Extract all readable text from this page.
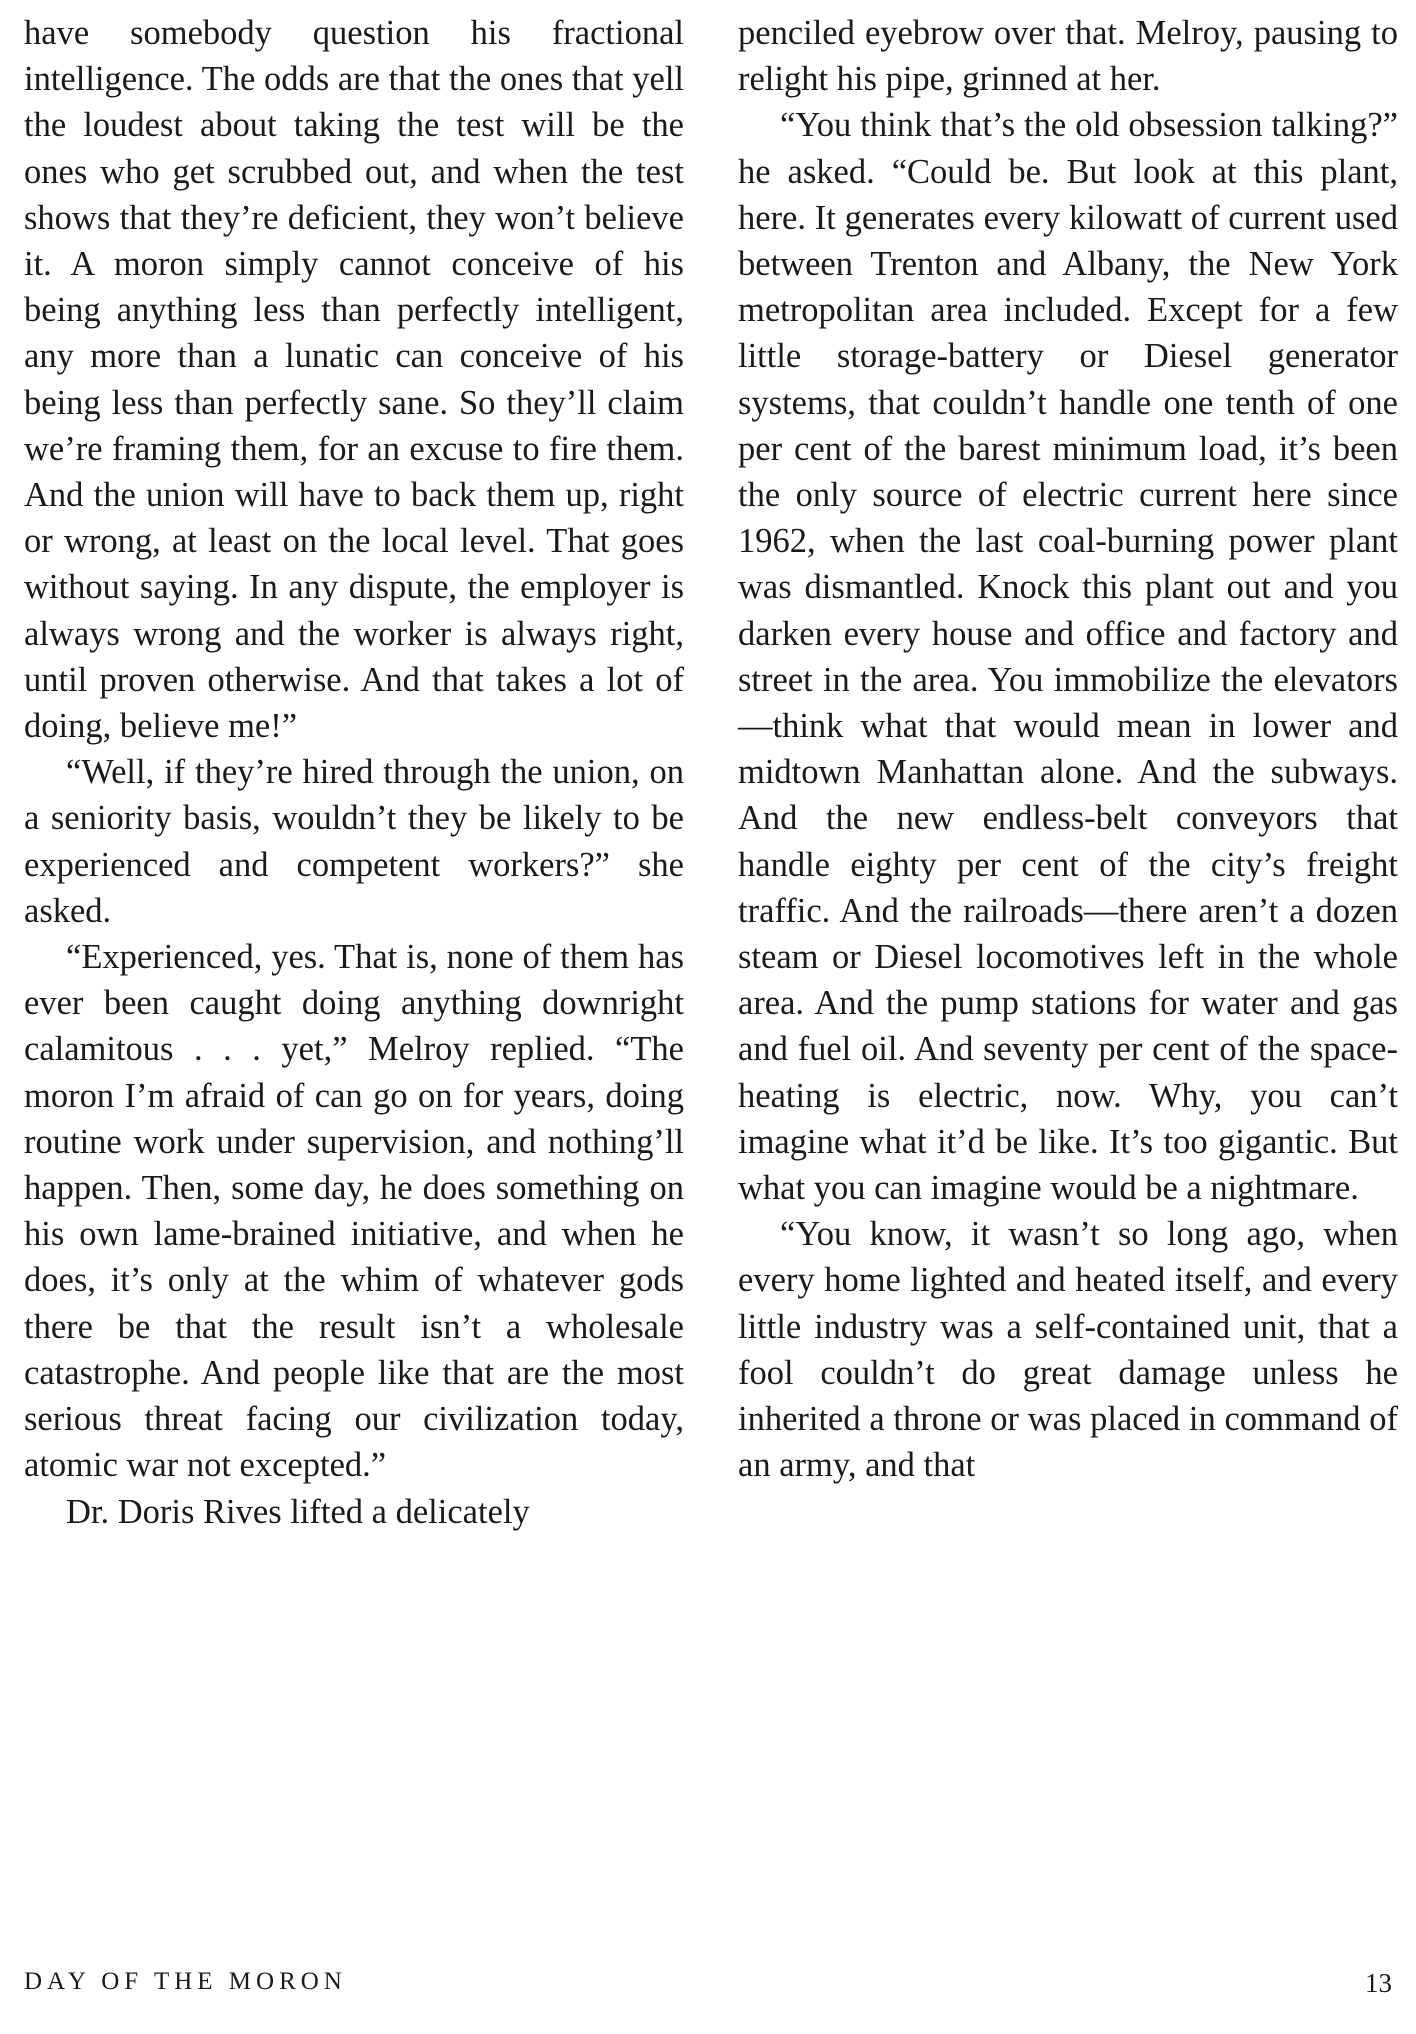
have somebody question his fractional intelligence. The odds are that the ones that yell the loudest about taking the test will be the ones who get scrubbed out, and when the test shows that they’re deficient, they won’t believe it. A moron simply cannot conceive of his being anything less than perfectly intelligent, any more than a lunatic can conceive of his being less than perfectly sane. So they’ll claim we’re framing them, for an excuse to fire them. And the union will have to back them up, right or wrong, at least on the local level. That goes without saying. In any dispute, the employer is always wrong and the worker is always right, until proven otherwise. And that takes a lot of doing, believe me!”

“Well, if they’re hired through the union, on a seniority basis, wouldn’t they be likely to be experienced and competent workers?” she asked.

“Experienced, yes. That is, none of them has ever been caught doing anything downright calamitous . . . yet,” Melroy replied. “The moron I’m afraid of can go on for years, doing routine work under supervision, and nothing’ll happen. Then, some day, he does something on his own lame-brained initiative, and when he does, it’s only at the whim of whatever gods there be that the result isn’t a wholesale catastrophe. And people like that are the most serious threat facing our civilization today, atomic war not excepted.”

Dr. Doris Rives lifted a delicately

penciled eyebrow over that. Melroy, pausing to relight his pipe, grinned at her.

“You think that’s the old obsession talking?” he asked. “Could be. But look at this plant, here. It generates every kilowatt of current used between Trenton and Albany, the New York metropolitan area included. Except for a few little storage-battery or Diesel generator systems, that couldn’t handle one tenth of one per cent of the barest minimum load, it’s been the only source of electric current here since 1962, when the last coal-burning power plant was dismantled. Knock this plant out and you darken every house and office and factory and street in the area. You immobilize the elevators—think what that would mean in lower and midtown Manhattan alone. And the subways. And the new endless-belt conveyors that handle eighty per cent of the city’s freight traffic. And the railroads—there aren’t a dozen steam or Diesel locomotives left in the whole area. And the pump stations for water and gas and fuel oil. And seventy per cent of the space-heating is electric, now. Why, you can’t imagine what it’d be like. It’s too gigantic. But what you can imagine would be a nightmare.

“You know, it wasn’t so long ago, when every home lighted and heated itself, and every little industry was a self-contained unit, that a fool couldn’t do great damage unless he inherited a throne or was placed in command of an army, and that

DAY OF THE MORON	13
